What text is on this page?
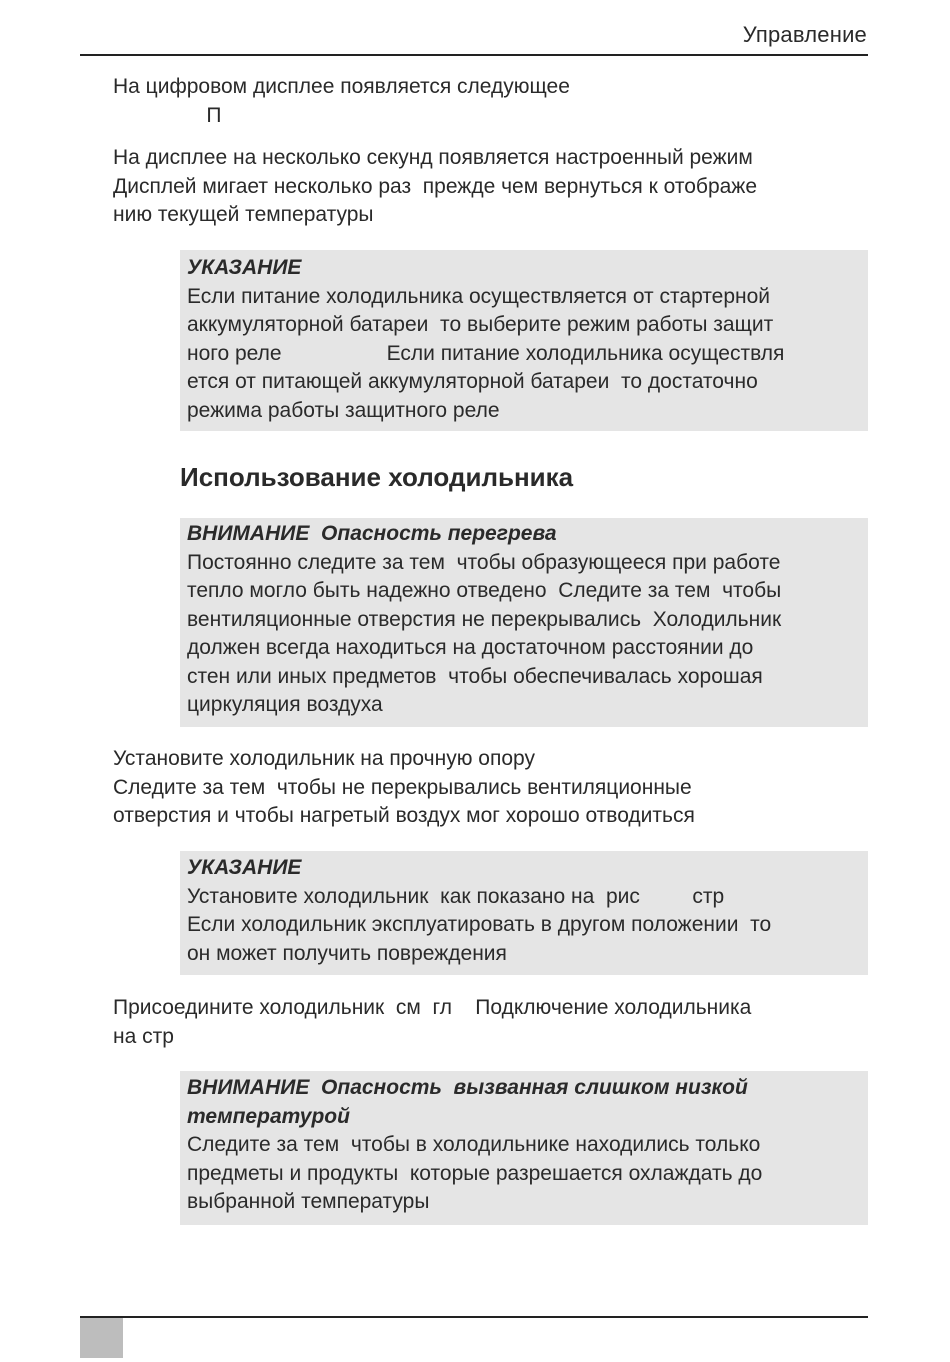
Управление
На цифровом дисплее появляется следующее
П
На дисплее на несколько секунд появляется настроенный режим
Дисплей мигает несколько раз  прежде чем вернуться к отображе
нию текущей температуры
УКАЗАНИЕ
Если питание холодильника осуществляется от стартерной
аккумуляторной батареи  то выберите режим работы защит
ного реле                  Если питание холодильника осуществля
ется от питающей аккумуляторной батареи  то достаточно
режима работы защитного реле
Использование холодильника
ВНИМАНИЕ  Опасность перегрева
Постоянно следите за тем  чтобы образующееся при работе
тепло могло быть надежно отведено  Следите за тем  чтобы
вентиляционные отверстия не перекрывались  Холодильник
должен всегда находиться на достаточном расстоянии до
стен или иных предметов  чтобы обеспечивалась хорошая
циркуляция воздуха
Установите холодильник на прочную опору
Следите за тем  чтобы не перекрывались вентиляционные
отверстия и чтобы нагретый воздух мог хорошо отводиться
УКАЗАНИЕ
Установите холодильник  как показано на  рис         стр
Если холодильник эксплуатировать в другом положении  то
он может получить повреждения
Присоедините холодильник  см  гл    Подключение холодильника
на стр
ВНИМАНИЕ  Опасность  вызванная слишком низкой
температурой
Следите за тем  чтобы в холодильнике находились только
предметы и продукты  которые разрешается охлаждать до
выбранной температуры
